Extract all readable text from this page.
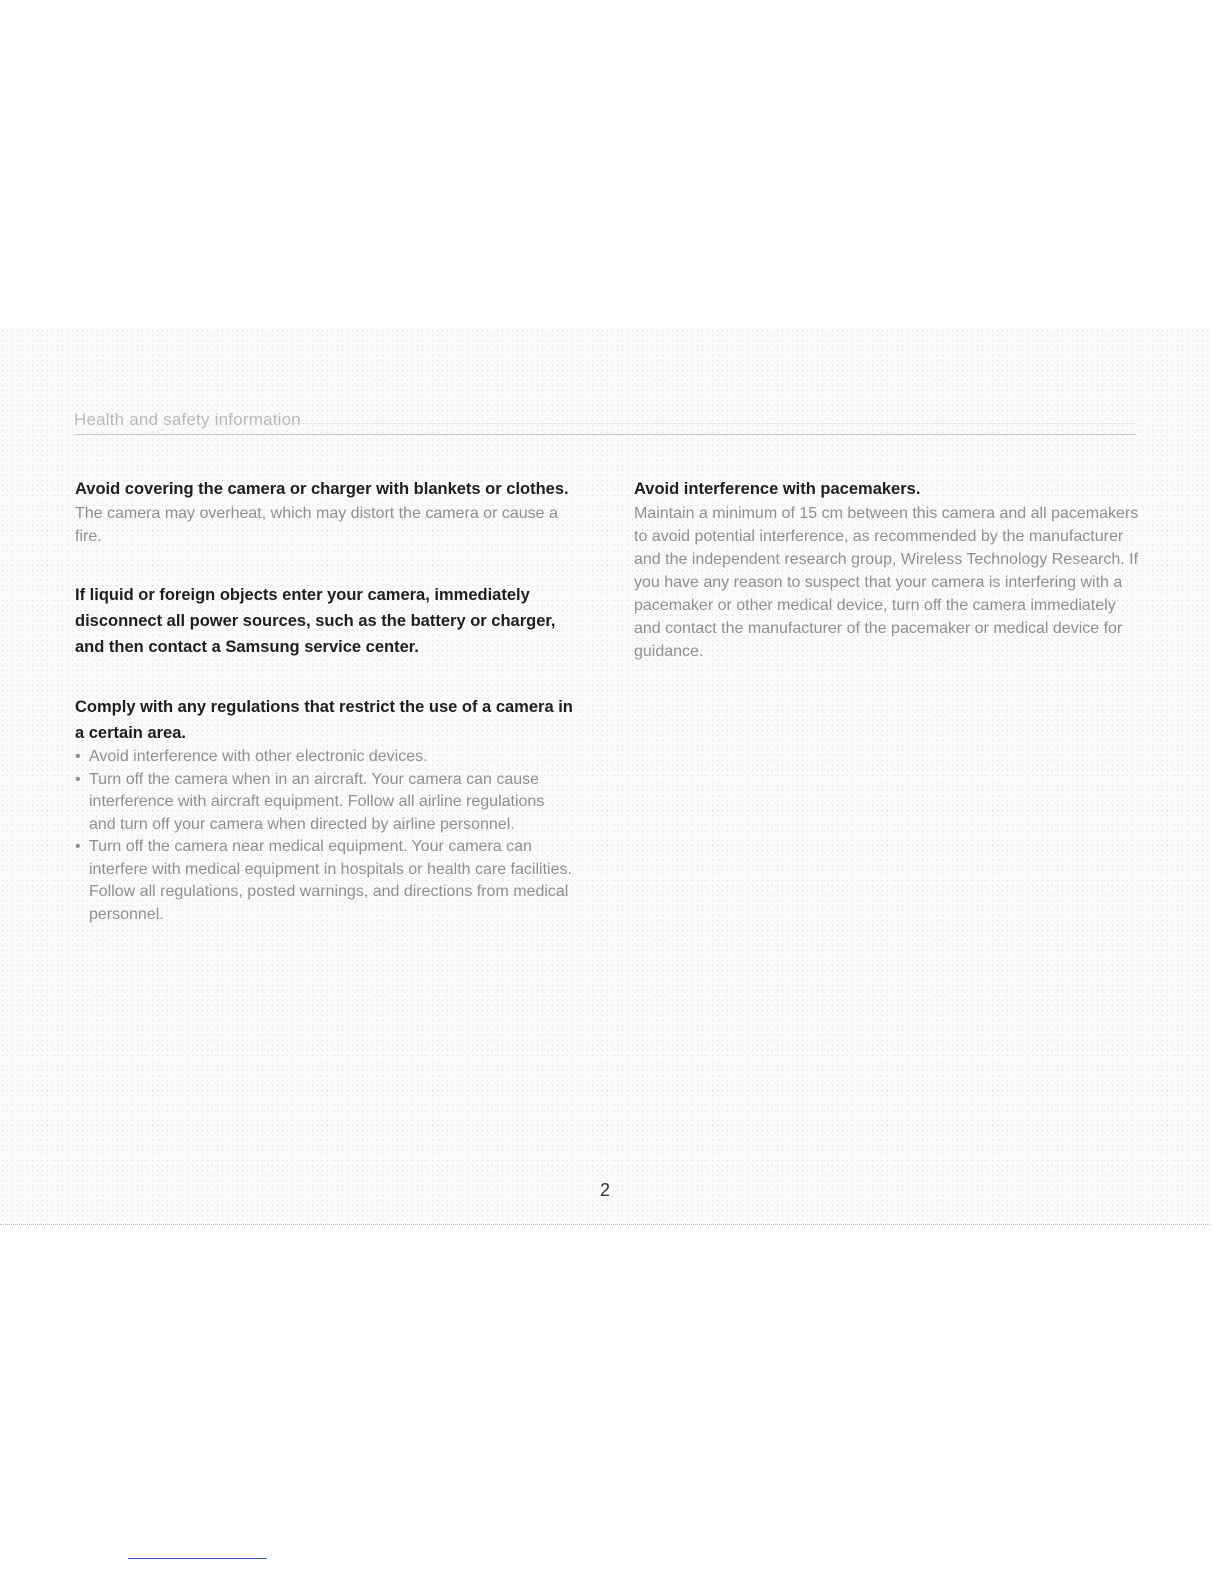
Health and safety information

Avoid covering the camera or charger with blankets or clothes.

The camera may overheat, which may distort the camera or cause a fire.

If liquid or foreign objects enter your camera, immediately disconnect all power sources, such as the battery or charger, and then contact a Samsung service center.

Comply with any regulations that restrict the use of a camera in a certain area.

• Avoid interference with other electronic devices.
• Turn off the camera when in an aircraft. Your camera can cause interference with aircraft equipment. Follow all airline regulations and turn off your camera when directed by airline personnel.
• Turn off the camera near medical equipment. Your camera can interfere with medical equipment in hospitals or health care facilities. Follow all regulations, posted warnings, and directions from medical personnel.

Avoid interference with pacemakers.

Maintain a minimum of 15 cm between this camera and all pacemakers to avoid potential interference, as recommended by the manufacturer and the independent research group, Wireless Technology Research. If you have any reason to suspect that your camera is interfering with a pacemaker or other medical device, turn off the camera immediately and contact the manufacturer of the pacemaker or medical device for guidance.

2
